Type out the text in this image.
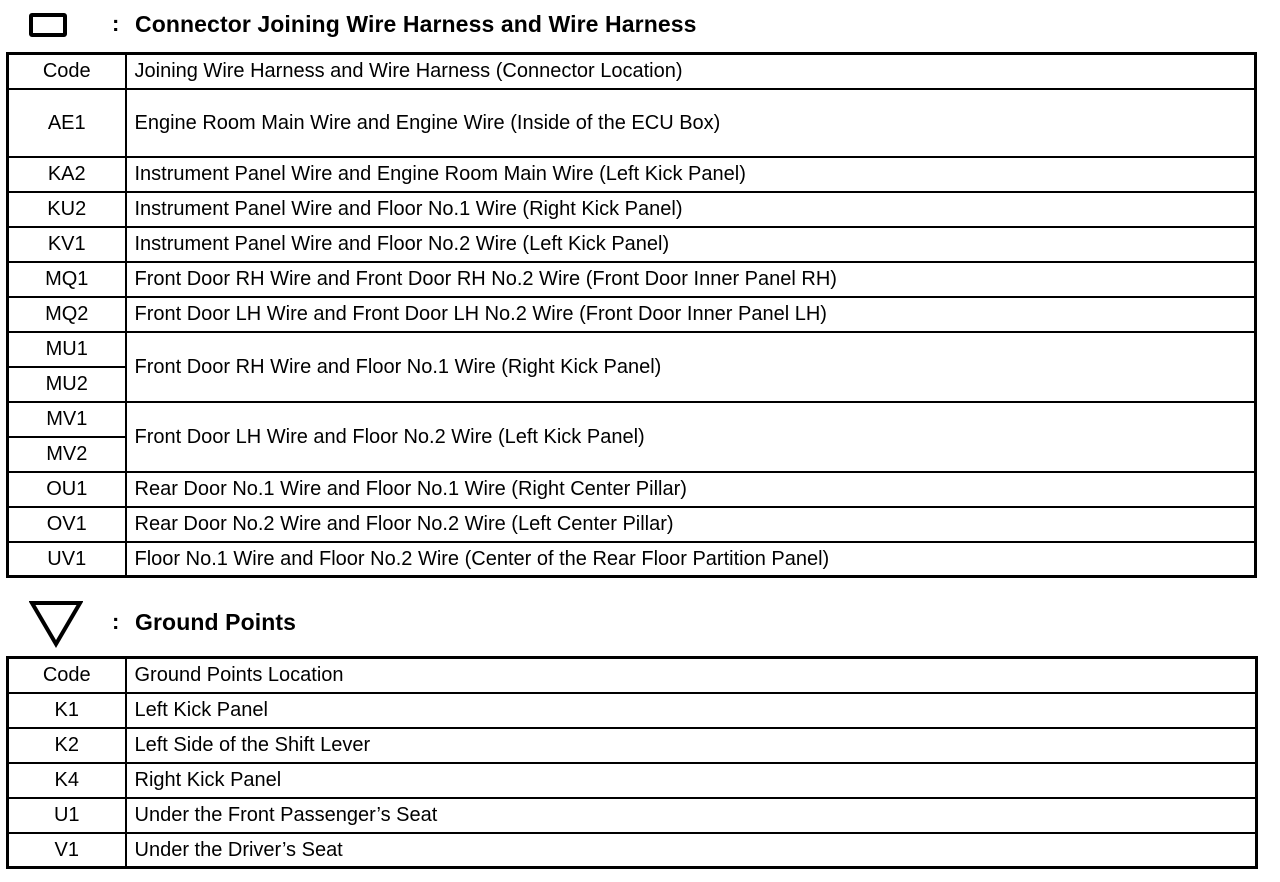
: Connector Joining Wire Harness and Wire Harness
Code	Joining Wire Harness and Wire Harness (Connector Location)
AE1	Engine Room Main Wire and Engine Wire (Inside of the ECU Box)
KA2	Instrument Panel Wire and Engine Room Main Wire (Left Kick Panel)
KU2	Instrument Panel Wire and Floor No.1 Wire (Right Kick Panel)
KV1	Instrument Panel Wire and Floor No.2 Wire (Left Kick Panel)
MQ1	Front Door RH Wire and Front Door RH No.2 Wire (Front Door Inner Panel RH)
MQ2	Front Door LH Wire and Front Door LH No.2 Wire (Front Door Inner Panel LH)
MU1	Front Door RH Wire and Floor No.1 Wire (Right Kick Panel)
MU2	
MV1	Front Door LH Wire and Floor No.2 Wire (Left Kick Panel)
MV2	
OU1	Rear Door No.1 Wire and Floor No.1 Wire (Right Center Pillar)
OV1	Rear Door No.2 Wire and Floor No.2 Wire (Left Center Pillar)
UV1	Floor No.1 Wire and Floor No.2 Wire (Center of the Rear Floor Partition Panel)
: Ground Points
Code	Ground Points Location
K1	Left Kick Panel
K2	Left Side of the Shift Lever
K4	Right Kick Panel
U1	Under the Front Passenger’s Seat
V1	Under the Driver’s Seat
